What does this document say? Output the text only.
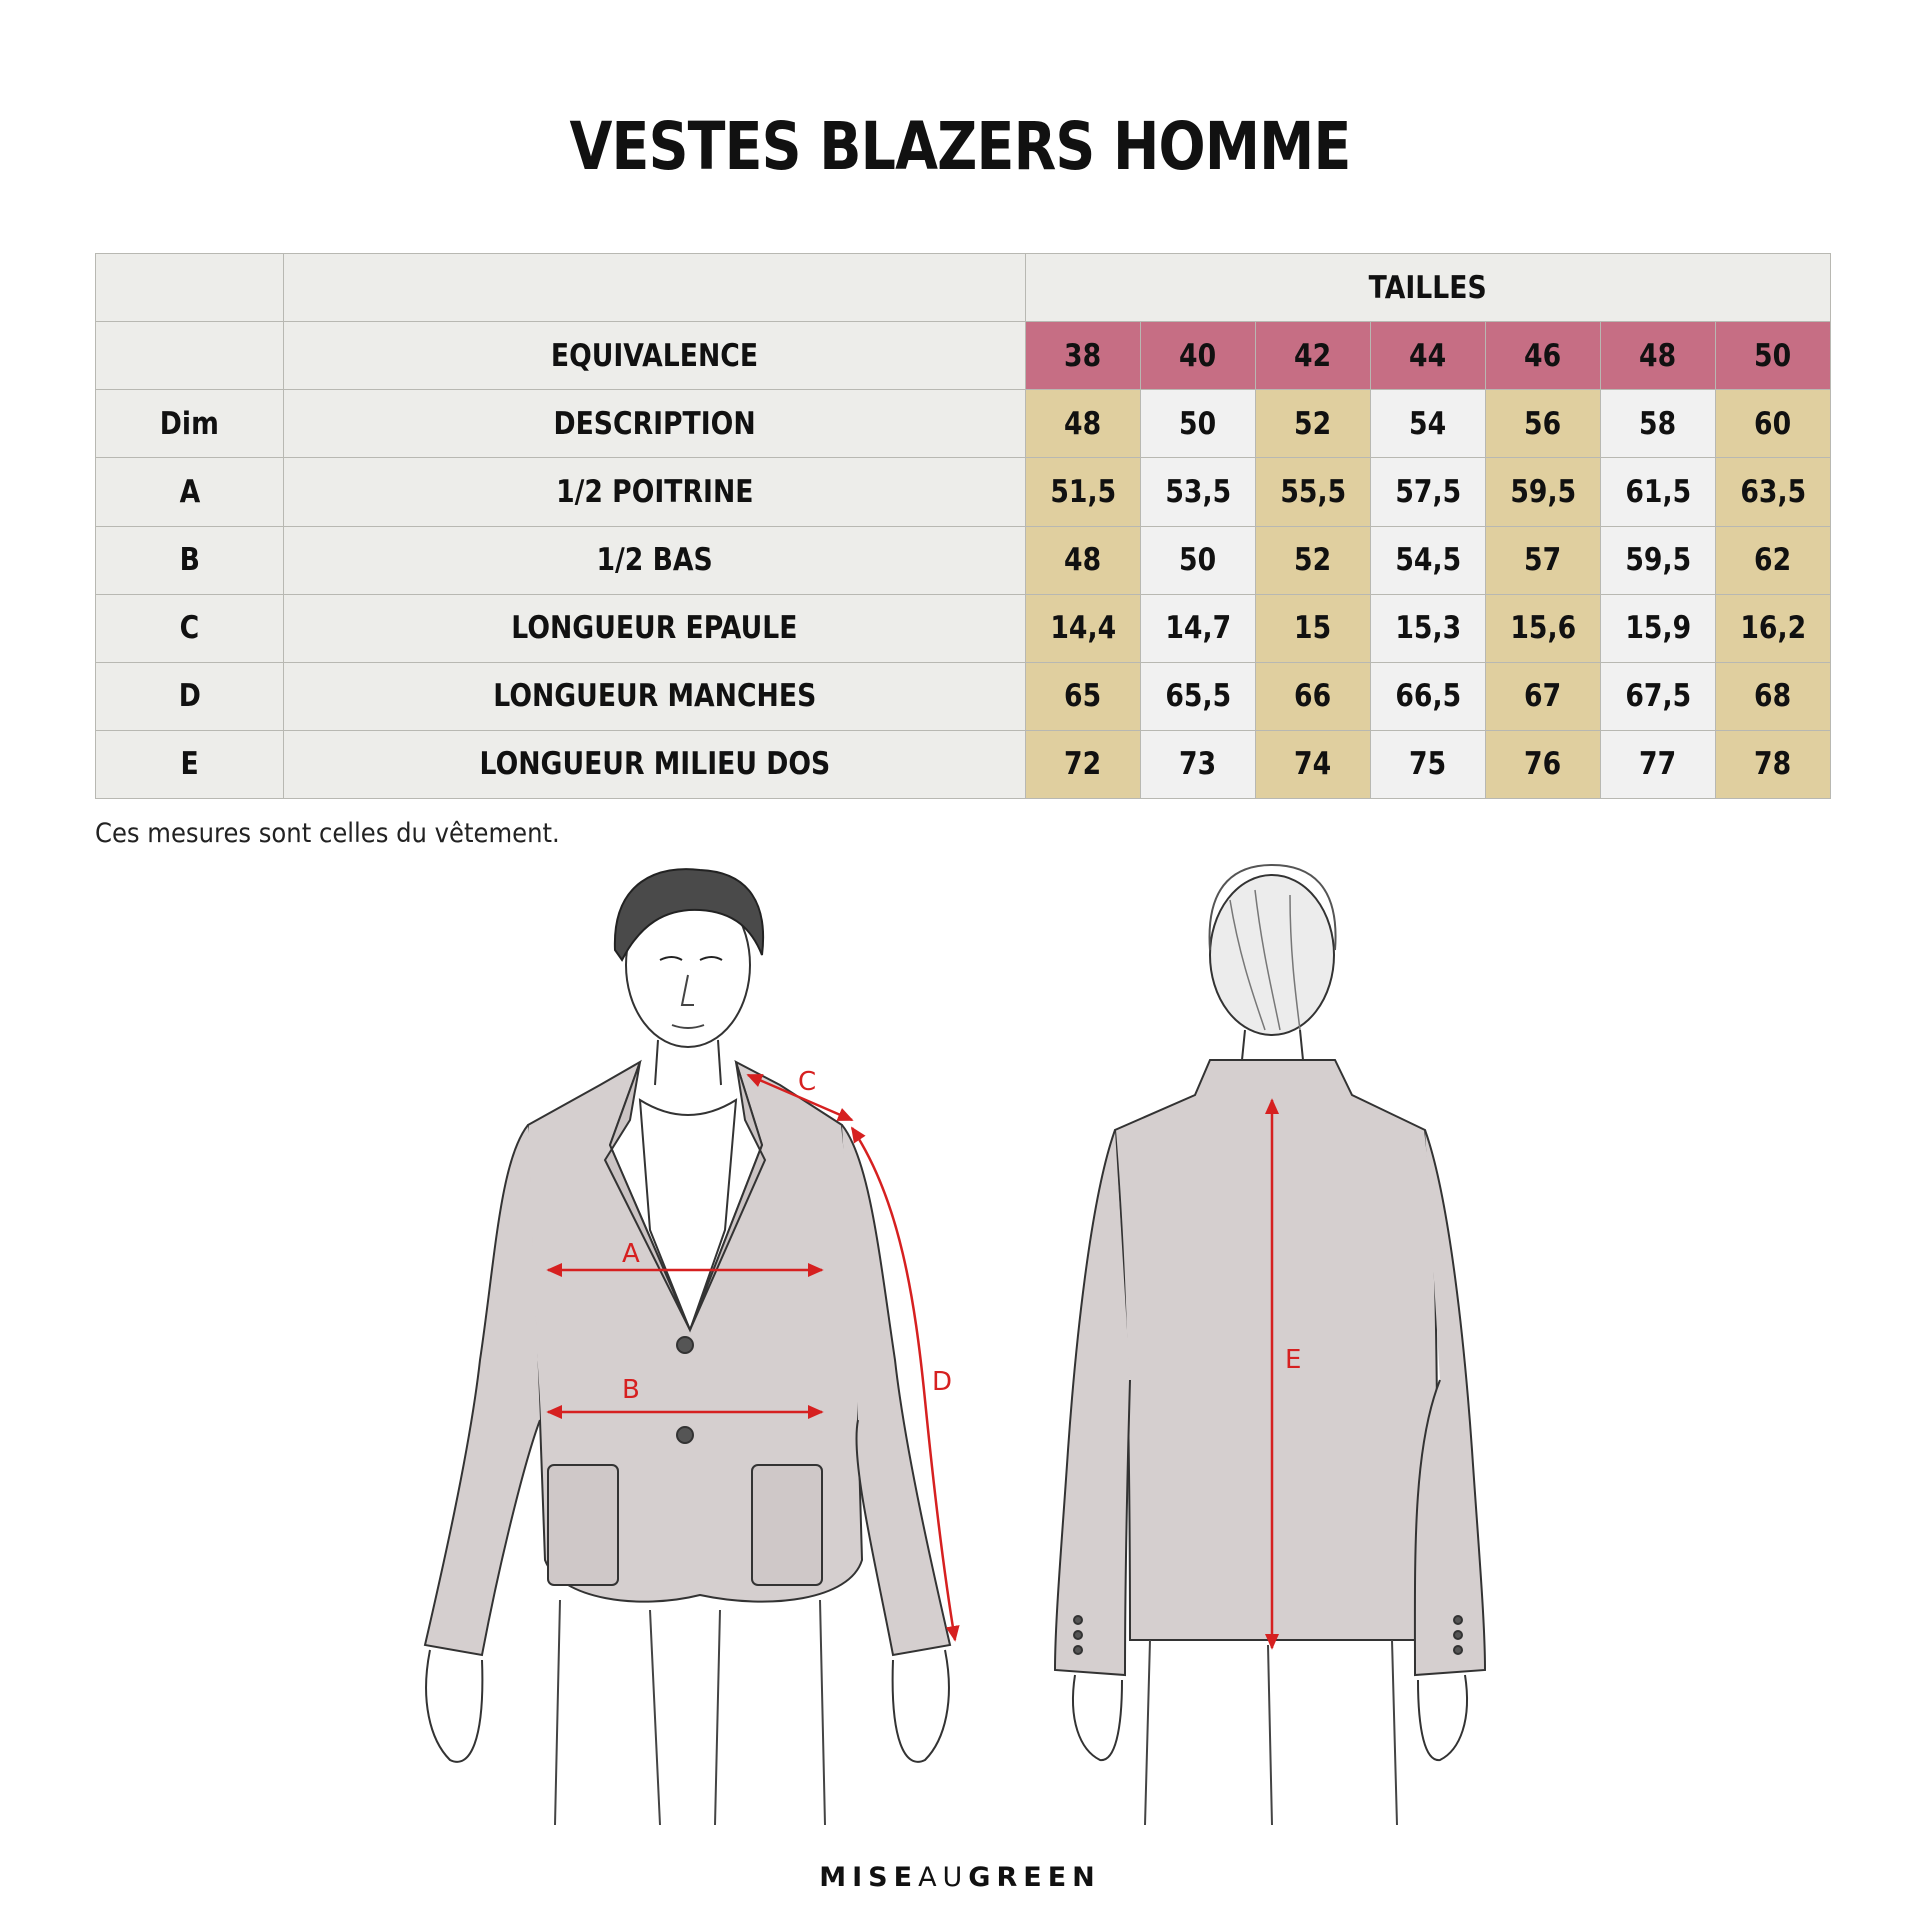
VESTES BLAZERS HOMME
		TAILLES						
	EQUIVALENCE	38	40	42	44	46	48	50
Dim	DESCRIPTION	48	50	52	54	56	58	60
A	1/2 POITRINE	51,5	53,5	55,5	57,5	59,5	61,5	63,5
B	1/2 BAS	48	50	52	54,5	57	59,5	62
C	LONGUEUR EPAULE	14,4	14,7	15	15,3	15,6	15,9	16,2
D	LONGUEUR MANCHES	65	65,5	66	66,5	67	67,5	68
E	LONGUEUR MILIEU DOS	72	73	74	75	76	77	78
Ces mesures sont celles du vêtement.
A
B
C
D
E
MISEAUGREEN
